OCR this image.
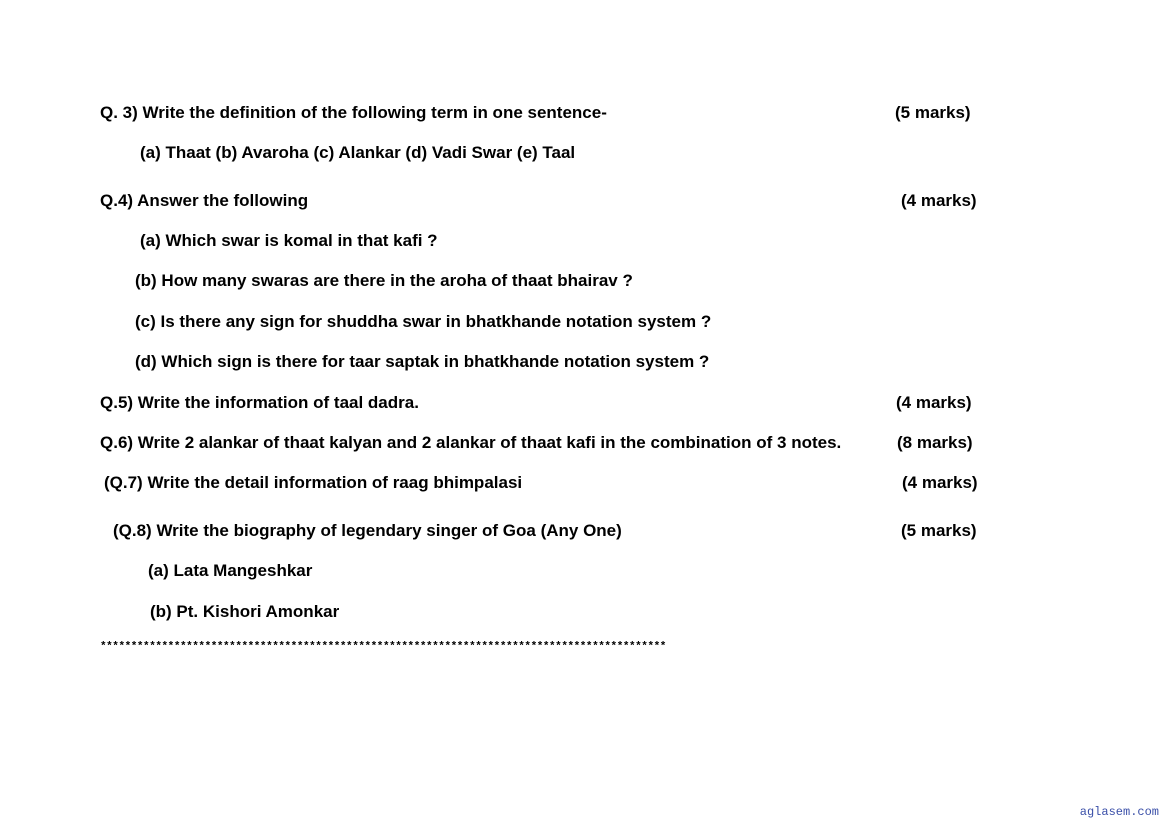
Q. 3) Write the definition of the following term in one sentence-	(5 marks)
(a) Thaat (b) Avaroha (c) Alankar (d) Vadi Swar (e) Taal
Q.4) Answer the following	(4 marks)
(a) Which swar is komal in that kafi ?
(b) How many swaras are there in the aroha of thaat bhairav ?
(c) Is there any sign for shuddha swar in bhatkhande notation system ?
(d) Which sign is there for taar saptak in bhatkhande notation system ?
Q.5) Write the information of taal dadra.	(4 marks)
Q.6) Write 2 alankar of thaat kalyan and 2 alankar of thaat kafi in the combination of 3 notes.	(8 marks)
(Q.7) Write the detail information of raag bhimpalasi	(4 marks)
(Q.8) Write the biography of legendary singer of Goa (Any One)	(5 marks)
(a) Lata Mangeshkar
(b) Pt. Kishori Amonkar
********************************************************************************************
aglasem.com
